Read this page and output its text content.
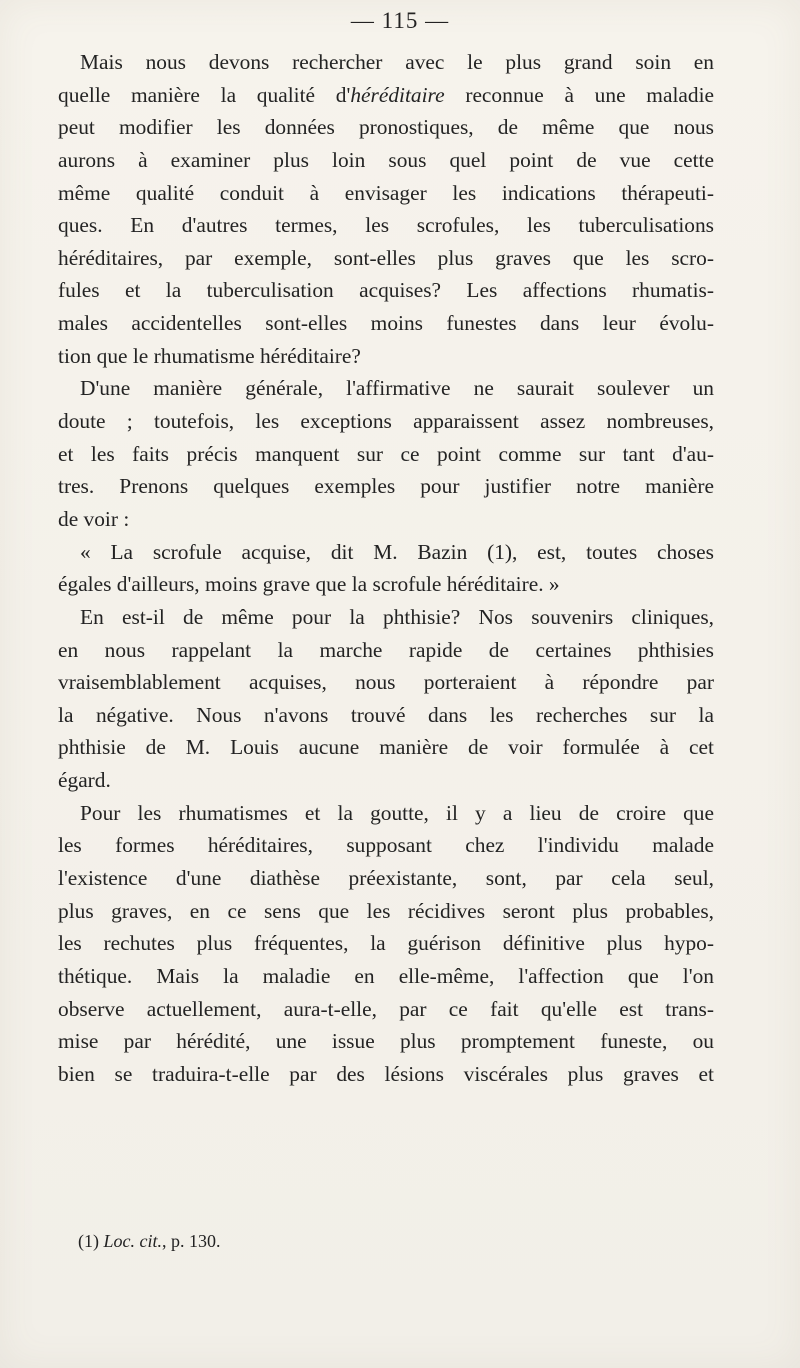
— 115 —
Mais nous devons rechercher avec le plus grand soin en
quelle manière la qualité d'héréditaire reconnue à une maladie
peut modifier les données pronostiques, de même que nous
aurons à examiner plus loin sous quel point de vue cette
même qualité conduit à envisager les indications thérapeuti-
ques. En d'autres termes, les scrofules, les tuberculisations
héréditaires, par exemple, sont-elles plus graves que les scro-
fules et la tuberculisation acquises? Les affections rhumatis-
males accidentelles sont-elles moins funestes dans leur évolu-
tion que le rhumatisme héréditaire?
D'une manière générale, l'affirmative ne saurait soulever un
doute ; toutefois, les exceptions apparaissent assez nombreuses,
et les faits précis manquent sur ce point comme sur tant d'au-
tres. Prenons quelques exemples pour justifier notre manière
de voir :
« La scrofule acquise, dit M. Bazin (1), est, toutes choses
égales d'ailleurs, moins grave que la scrofule héréditaire. »
En est-il de même pour la phthisie? Nos souvenirs cliniques,
en nous rappelant la marche rapide de certaines phthisies
vraisemblablement acquises, nous porteraient à répondre par
la négative. Nous n'avons trouvé dans les recherches sur la
phthisie de M. Louis aucune manière de voir formulée à cet
égard.
Pour les rhumatismes et la goutte, il y a lieu de croire que
les formes héréditaires, supposant chez l'individu malade
l'existence d'une diathèse préexistante, sont, par cela seul,
plus graves, en ce sens que les récidives seront plus probables,
les rechutes plus fréquentes, la guérison définitive plus hypo-
thétique. Mais la maladie en elle-même, l'affection que l'on
observe actuellement, aura-t-elle, par ce fait qu'elle est trans-
mise par hérédité, une issue plus promptement funeste, ou
bien se traduira-t-elle par des lésions viscérales plus graves et
(1) Loc. cit., p. 130.
